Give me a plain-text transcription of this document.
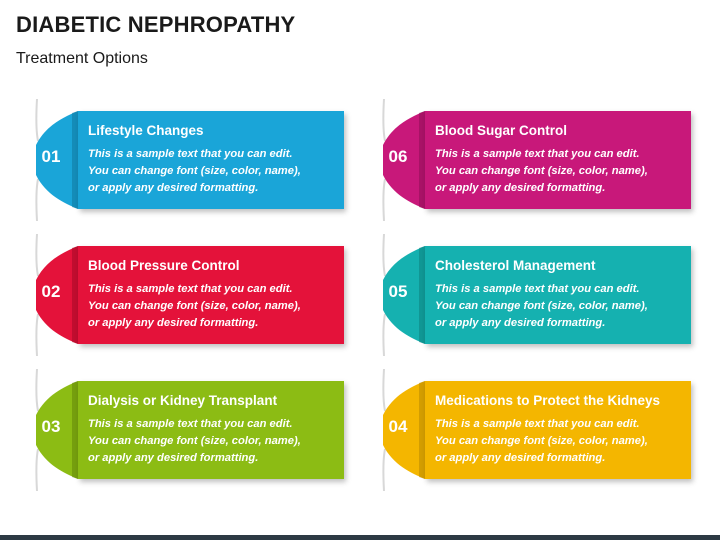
DIABETIC NEPHROPATHY
Treatment Options
01
Lifestyle Changes
This is a sample text that you can edit.
You can change font (size, color, name),
or apply any desired formatting.
02
Blood Pressure Control
This is a sample text that you can edit.
You can change font (size, color, name),
or apply any desired formatting.
03
Dialysis or Kidney Transplant
This is a sample text that you can edit.
You can change font (size, color, name),
or apply any desired formatting.
06
Blood Sugar Control
This is a sample text that you can edit.
You can change font (size, color, name),
or apply any desired formatting.
05
Cholesterol Management
This is a sample text that you can edit.
You can change font (size, color, name),
or apply any desired formatting.
04
Medications to Protect the Kidneys
This is a sample text that you can edit.
You can change font (size, color, name),
or apply any desired formatting.
